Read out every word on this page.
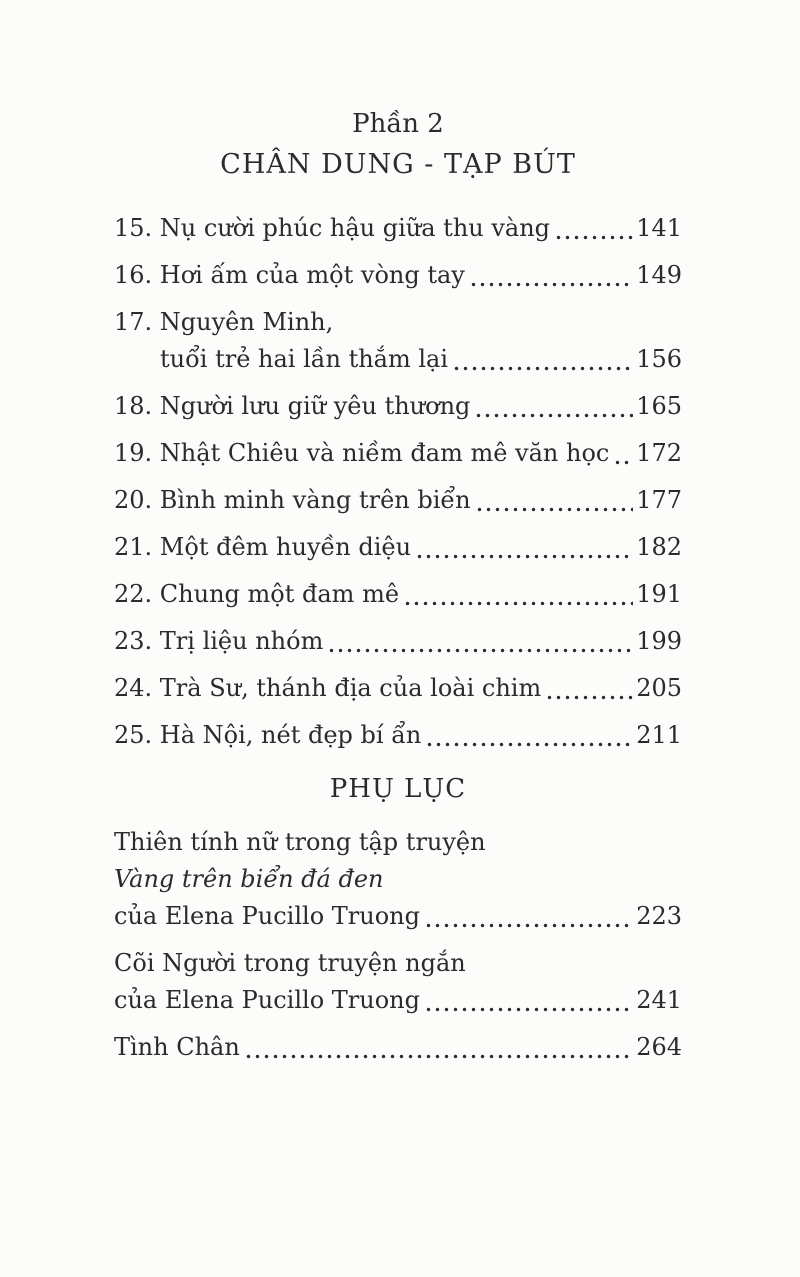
Phần 2
CHÂN DUNG - TẠP BÚT
15. Nụ cười phúc hậu giữa thu vàng	141
16. Hơi ấm của một vòng tay	149
17. Nguyên Minh,
tuổi trẻ hai lần thắm lại	156
18. Người lưu giữ yêu thương	165
19. Nhật Chiêu và niềm đam mê văn học 172
20. Bình minh vàng trên biển	177
21. Một đêm huyền diệu	182
22. Chung một đam mê	191
23. Trị liệu nhóm	199
24. Trà Sư, thánh địa của loài chim	205
25. Hà Nội, nét đẹp bí ẩn	211
PHỤ LỤC
Thiên tính nữ trong tập truyện
Vàng trên biển đá đen
của Elena Pucillo Truong	223
Cõi Người trong truyện ngắn
của Elena Pucillo Truong	241
Tình Chân	264
